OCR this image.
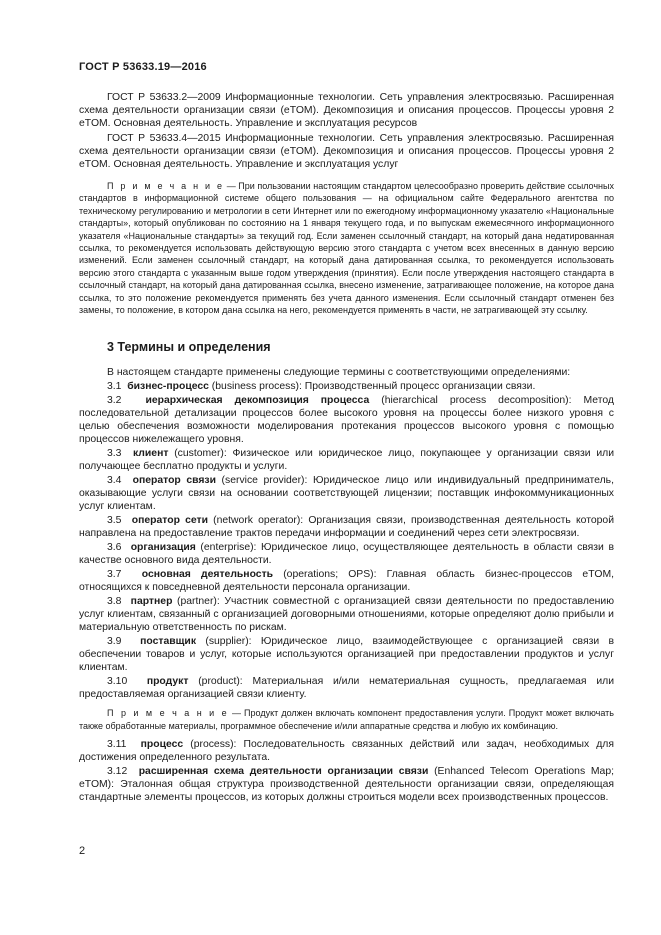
ГОСТ Р 53633.19—2016

ГОСТ Р 53633.2—2009 Информационные технологии. Сеть управления электросвязью. Расширенная схема деятельности организации связи (eTOM). Декомпозиция и описания процессов. Процессы уровня 2 eTOM. Основная деятельность. Управление и эксплуатация ресурсов

ГОСТ Р 53633.4—2015 Информационные технологии. Сеть управления электросвязью. Расширенная схема деятельности организации связи (eTOM). Декомпозиция и описания процессов. Процессы уровня 2 eTOM. Основная деятельность. Управление и эксплуатация услуг

П р и м е ч а н и е — При пользовании настоящим стандартом целесообразно проверить действие ссылочных стандартов в информационной системе общего пользования — на официальном сайте Федерального агентства по техническому регулированию и метрологии в сети Интернет или по ежегодному информационному указателю «Национальные стандарты», который опубликован по состоянию на 1 января текущего года, и по выпускам ежемесячного информационного указателя «Национальные стандарты» за текущий год. Если заменен ссылочный стандарт, на который дана недатированная ссылка, то рекомендуется использовать действующую версию этого стандарта с учетом всех внесенных в данную версию изменений. Если заменен ссылочный стандарт, на который дана датированная ссылка, то рекомендуется использовать версию этого стандарта с указанным выше годом утверждения (принятия). Если после утверждения настоящего стандарта в ссылочный стандарт, на который дана датированная ссылка, внесено изменение, затрагивающее положение, на которое дана ссылка, то это положение рекомендуется применять без учета данного изменения. Если ссылочный стандарт отменен без замены, то положение, в котором дана ссылка на него, рекомендуется применять в части, не затрагивающей эту ссылку.

3 Термины и определения

В настоящем стандарте применены следующие термины с соответствующими определениями:

3.1 бизнес-процесс (business process): Производственный процесс организации связи.

3.2 иерархическая декомпозиция процесса (hierarchical process decomposition): Метод последовательной детализации процессов более высокого уровня на процессы более низкого уровня с целью обеспечения возможности моделирования протекания процессов высокого уровня с помощью процессов нижележащего уровня.

3.3 клиент (customer): Физическое или юридическое лицо, покупающее у организации связи или получающее бесплатно продукты и услуги.

3.4 оператор связи (service provider): Юридическое лицо или индивидуальный предприниматель, оказывающие услуги связи на основании соответствующей лицензии; поставщик инфокоммуникационных услуг клиентам.

3.5 оператор сети (network operator): Организация связи, производственная деятельность которой направлена на предоставление трактов передачи информации и соединений через сети электросвязи.

3.6 организация (enterprise): Юридическое лицо, осуществляющее деятельность в области связи в качестве основного вида деятельности.

3.7 основная деятельность (operations; OPS): Главная область бизнес-процессов eTOM, относящихся к повседневной деятельности персонала организации.

3.8 партнер (partner): Участник совместной с организацией связи деятельности по предоставлению услуг клиентам, связанный с организацией договорными отношениями, которые определяют долю прибыли и материальную ответственность по рискам.

3.9 поставщик (supplier): Юридическое лицо, взаимодействующее с организацией связи в обеспечении товаров и услуг, которые используются организацией при предоставлении продуктов и услуг клиентам.

3.10 продукт (product): Материальная и/или нематериальная сущность, предлагаемая или предоставляемая организацией связи клиенту.

П р и м е ч а н и е — Продукт должен включать компонент предоставления услуги. Продукт может включать также обработанные материалы, программное обеспечение и/или аппаратные средства и любую их комбинацию.

3.11 процесс (process): Последовательность связанных действий или задач, необходимых для достижения определенного результата.

3.12 расширенная схема деятельности организации связи (Enhanced Telecom Operations Map; eTOM): Эталонная общая структура производственной деятельности организации связи, определяющая стандартные элементы процессов, из которых должны строиться модели всех производственных процессов.

2
